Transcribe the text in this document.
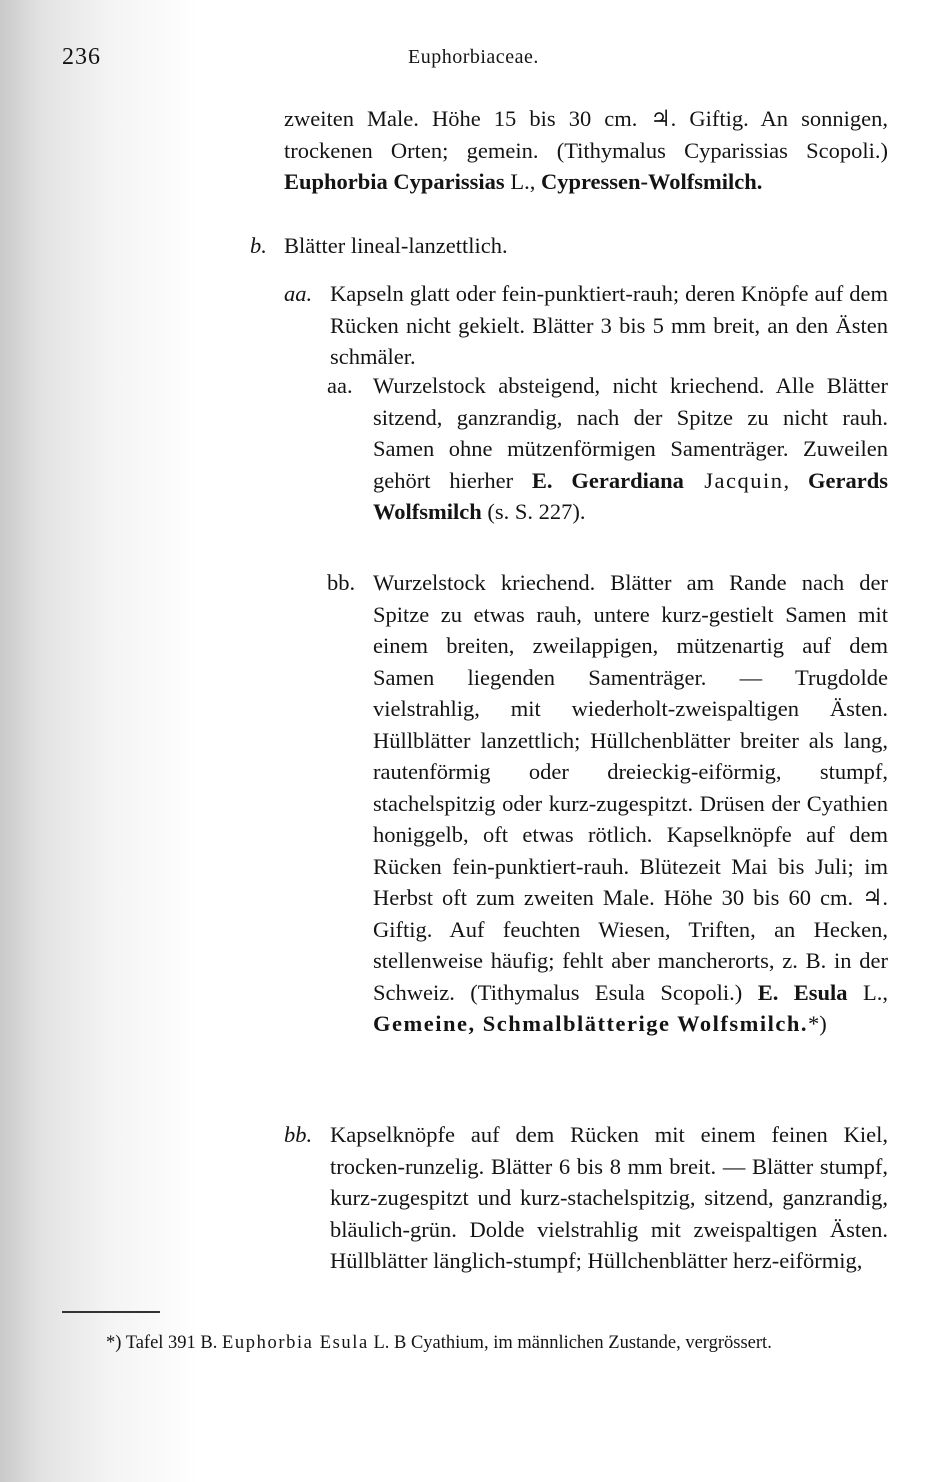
236	Euphorbiaceae.
zweiten Male. Höhe 15 bis 30 cm. ♃. Giftig. An sonnigen, trockenen Orten; gemein. (Tithymalus Cyparissias Scopoli.) Euphorbia Cyparissias L., Cypressen-Wolfsmilch.
b. Blätter lineal-lanzettlich.
aa. Kapseln glatt oder fein-punktiert-rauh; deren Knöpfe auf dem Rücken nicht gekielt. Blätter 3 bis 5 mm breit, an den Ästen schmäler.
aa. Wurzelstock absteigend, nicht kriechend. Alle Blätter sitzend, ganzrandig, nach der Spitze zu nicht rauh. Samen ohne mützenförmigen Samenträger. Zuweilen gehört hierher E. Gerardiana Jacquin, Gerards Wolfsmilch (s. S. 227).
bb. Wurzelstock kriechend. Blätter am Rande nach der Spitze zu etwas rauh, untere kurz-gestielt Samen mit einem breiten, zweilappigen, mützenartig auf dem Samen liegenden Samenträger. — Trugdolde vielstrahlig, mit wiederholt-zweispaltigen Ästen. Hüllblätter lanzettlich; Hüllchenblätter breiter als lang, rautenförmig oder dreieckig-eiförmig, stumpf, stachelspitzig oder kurz-zugespitzt. Drüsen der Cyathien honiggelb, oft etwas rötlich. Kapselknöpfe auf dem Rücken fein-punktiert-rauh. Blütezeit Mai bis Juli; im Herbst oft zum zweiten Male. Höhe 30 bis 60 cm. ♃. Giftig. Auf feuchten Wiesen, Triften, an Hecken, stellenweise häufig; fehlt aber mancherorts, z. B. in der Schweiz. (Tithymalus Esula Scopoli.) E. Esula L., Gemeine, Schmalblätterige Wolfsmilch.*)
bb. Kapselknöpfe auf dem Rücken mit einem feinen Kiel, trocken-runzelig. Blätter 6 bis 8 mm breit. — Blätter stumpf, kurz-zugespitzt und kurz-stachelspitzig, sitzend, ganzrandig, bläulich-grün. Dolde vielstrahlig mit zweispaltigen Ästen. Hüllblätter länglich-stumpf; Hüllchenblätter herz-eiförmig,
*) Tafel 391 B. Euphorbia Esula L. B Cyathium, im männlichen Zustande, vergrössert.
